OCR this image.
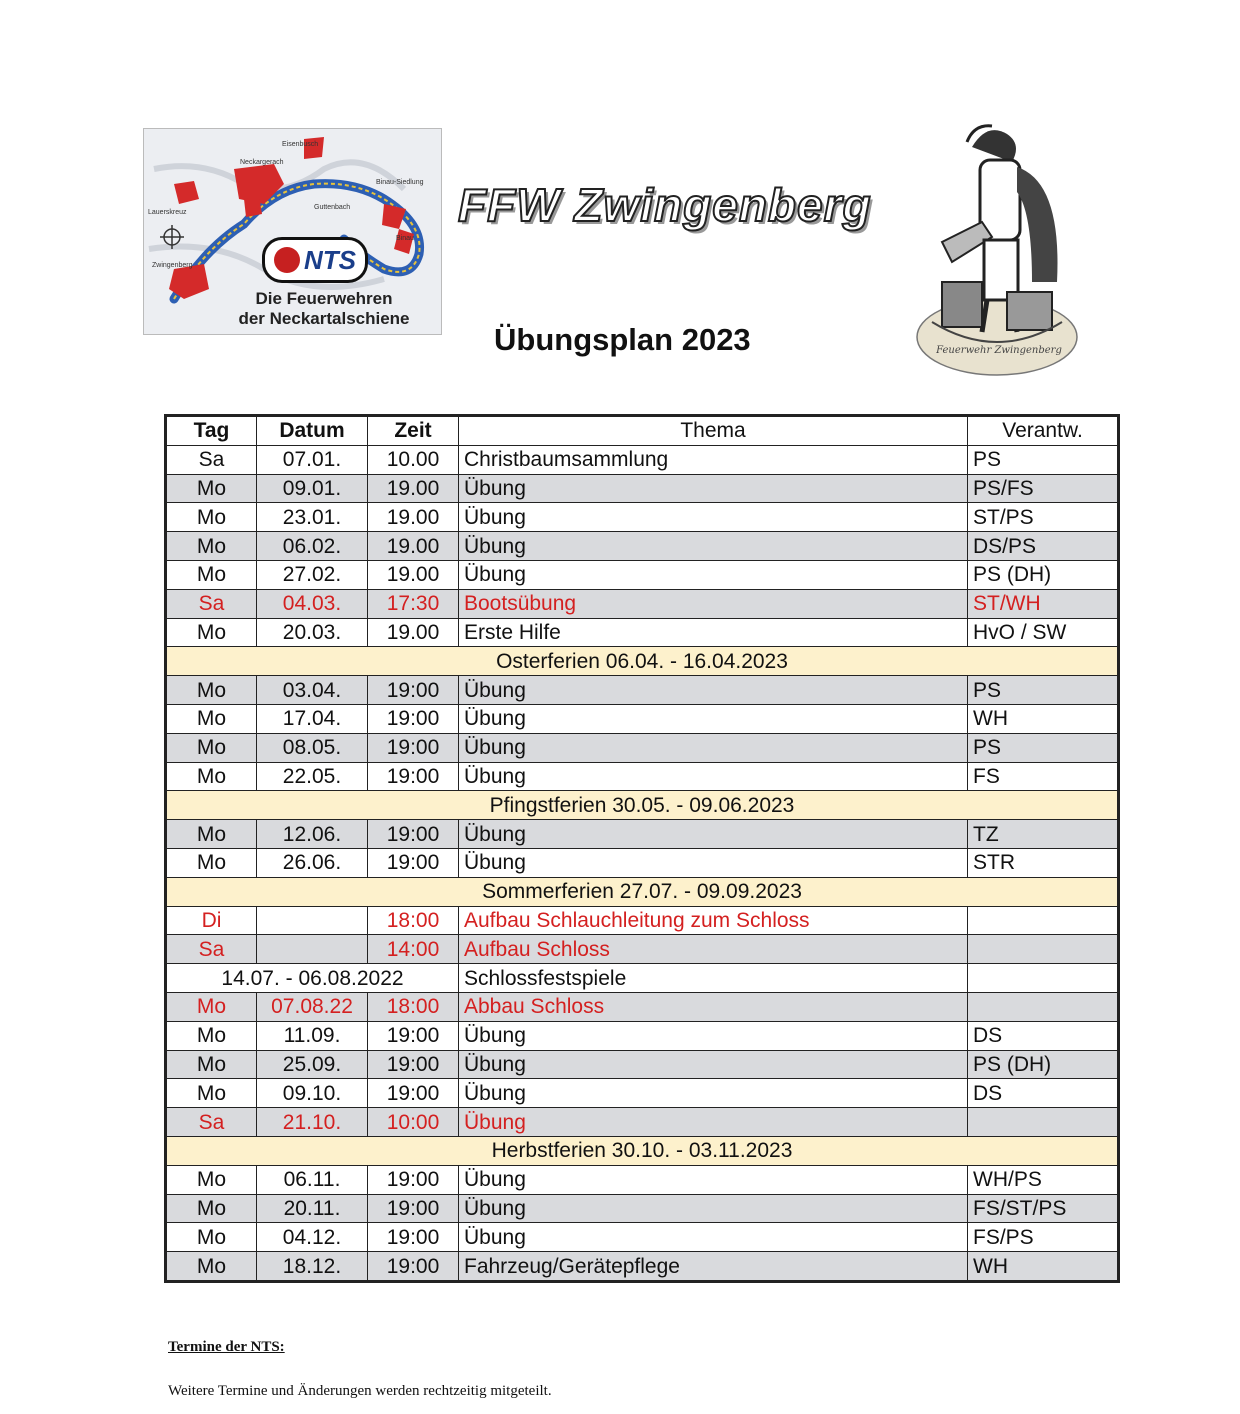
Eisenbusch
Neckargerach
Lauerskreuz
Guttenbach
Binau-Siedlung
Binau
Zwingenberg	NTS
Die Feuerwehren
der Neckartalschiene
FFW Zwingenberg
Übungsplan 2023	Feuerwehr Zwingenberg
Tag	Datum	Zeit	Thema	Verantw.
Sa	07.01.	10.00	Christbaumsammlung	PS
Mo	09.01.	19.00	Übung	PS/FS
Mo	23.01.	19.00	Übung	ST/PS
Mo	06.02.	19.00	Übung	DS/PS
Mo	27.02.	19.00	Übung	PS (DH)
Sa	04.03.	17:30	Bootsübung	ST/WH
Mo	20.03.	19.00	Erste Hilfe	HvO / SW
Osterferien 06.04. - 16.04.2023				
Mo	03.04.	19:00	Übung	PS
Mo	17.04.	19:00	Übung	WH
Mo	08.05.	19:00	Übung	PS
Mo	22.05.	19:00	Übung	FS
Pfingstferien 30.05. - 09.06.2023				
Mo	12.06.	19:00	Übung	TZ
Mo	26.06.	19:00	Übung	STR
Sommerferien 27.07. - 09.09.2023				
Di		18:00	Aufbau Schlauchleitung zum Schloss	
Sa		14:00	Aufbau Schloss	
14.07. - 06.08.2022			Schlossfestspiele	
Mo	07.08.22	18:00	Abbau Schloss	
Mo	11.09.	19:00	Übung	DS
Mo	25.09.	19:00	Übung	PS (DH)
Mo	09.10.	19:00	Übung	DS
Sa	21.10.	10:00	Übung	
Herbstferien 30.10. - 03.11.2023				
Mo	06.11.	19:00	Übung	WH/PS
Mo	20.11.	19:00	Übung	FS/ST/PS
Mo	04.12.	19:00	Übung	FS/PS
Mo	18.12.	19:00	Fahrzeug/Gerätepflege	WH
Termine der NTS:
Weitere Termine und Änderungen werden rechtzeitig mitgeteilt.
